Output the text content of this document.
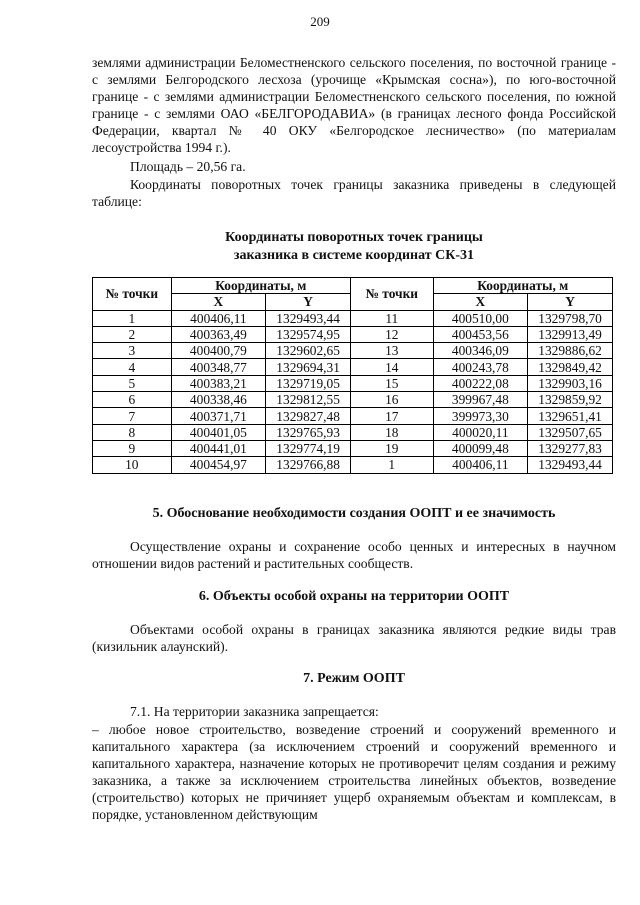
209

землями администрации Беломестненского сельского поселения, по восточной границе - с землями Белгородского лесхоза (урочище «Крымская сосна»), по юго-восточной границе - с землями администрации Беломестненского сельского поселения, по южной границе - с землями ОАО «БЕЛГОРОДАВИА» (в границах лесного фонда Российской Федерации, квартал № 40 ОКУ «Белгородское лесничество» (по материалам лесоустройства 1994 г.).

Площадь – 20,56 га.

Координаты поворотных точек границы заказника приведены в следующей таблице:

Координаты поворотных точек границы

заказника в системе координат СК-31

№ точки	Координаты, м		№ точки	Координаты, м	
	X	Y		X	Y
1	400406,11	1329493,44	11	400510,00	1329798,70
2	400363,49	1329574,95	12	400453,56	1329913,49
3	400400,79	1329602,65	13	400346,09	1329886,62
4	400348,77	1329694,31	14	400243,78	1329849,42
5	400383,21	1329719,05	15	400222,08	1329903,16
6	400338,46	1329812,55	16	399967,48	1329859,92
7	400371,71	1329827,48	17	399973,30	1329651,41
8	400401,05	1329765,93	18	400020,11	1329507,65
9	400441,01	1329774,19	19	400099,48	1329277,83
10	400454,97	1329766,88	1	400406,11	1329493,44

5. Обоснование необходимости создания ООПТ и ее значимость

Осуществление охраны и сохранение особо ценных и интересных в научном отношении видов растений и растительных сообществ.

6. Объекты особой охраны на территории ООПТ

Объектами особой охраны в границах заказника являются редкие виды трав (кизильник алаунский).

7. Режим ООПТ

7.1. На территории заказника запрещается:

– любое новое строительство, возведение строений и сооружений временного и капитального характера (за исключением строений и сооружений временного и капитального характера, назначение которых не противоречит целям создания и режиму заказника, а также за исключением строительства линейных объектов, возведение (строительство) которых не причиняет ущерб охраняемым объектам и комплексам, в порядке, установленном действующим
